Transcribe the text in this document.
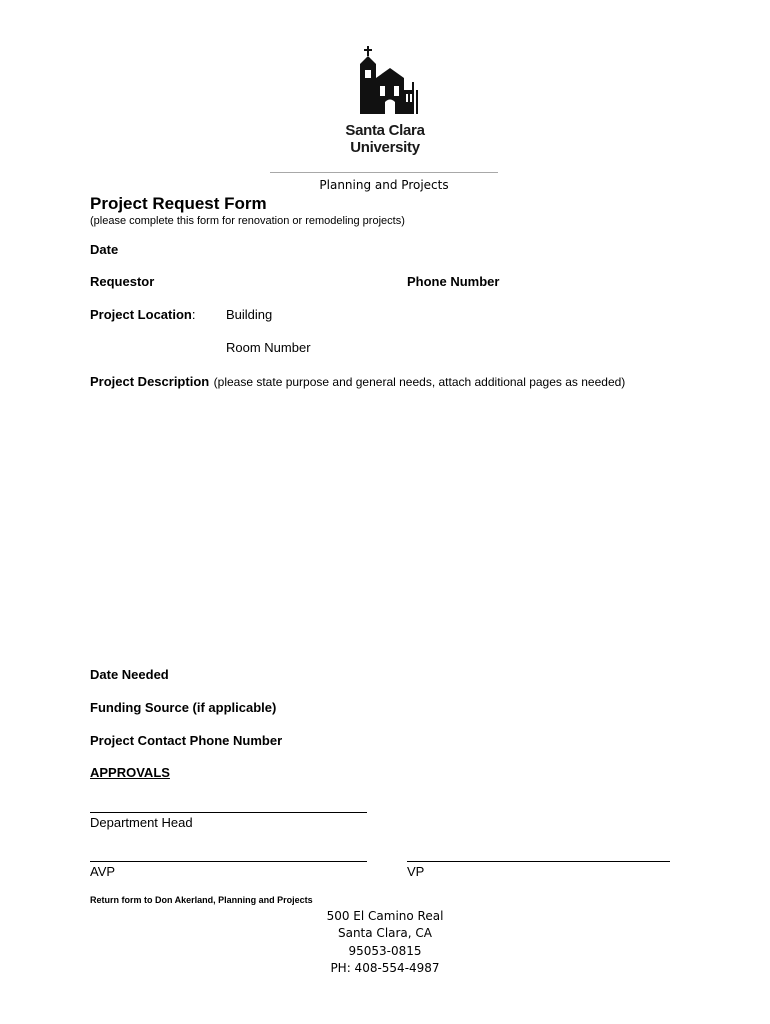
Santa Clara
University
Planning and Projects
Project Request Form
(please complete this form for renovation or remodeling projects)
Date
Requestor	Phone Number
Project Location: Building
Room Number
Project Description (please state purpose and general needs, attach additional pages as needed)
Date Needed
Funding Source (if applicable)
Project Contact Phone Number
APPROVALS
Department Head
AVP	VP
Return form to Don Akerland, Planning and Projects
500 El Camino Real
Santa Clara, CA
95053-0815
PH: 408-554-4987
